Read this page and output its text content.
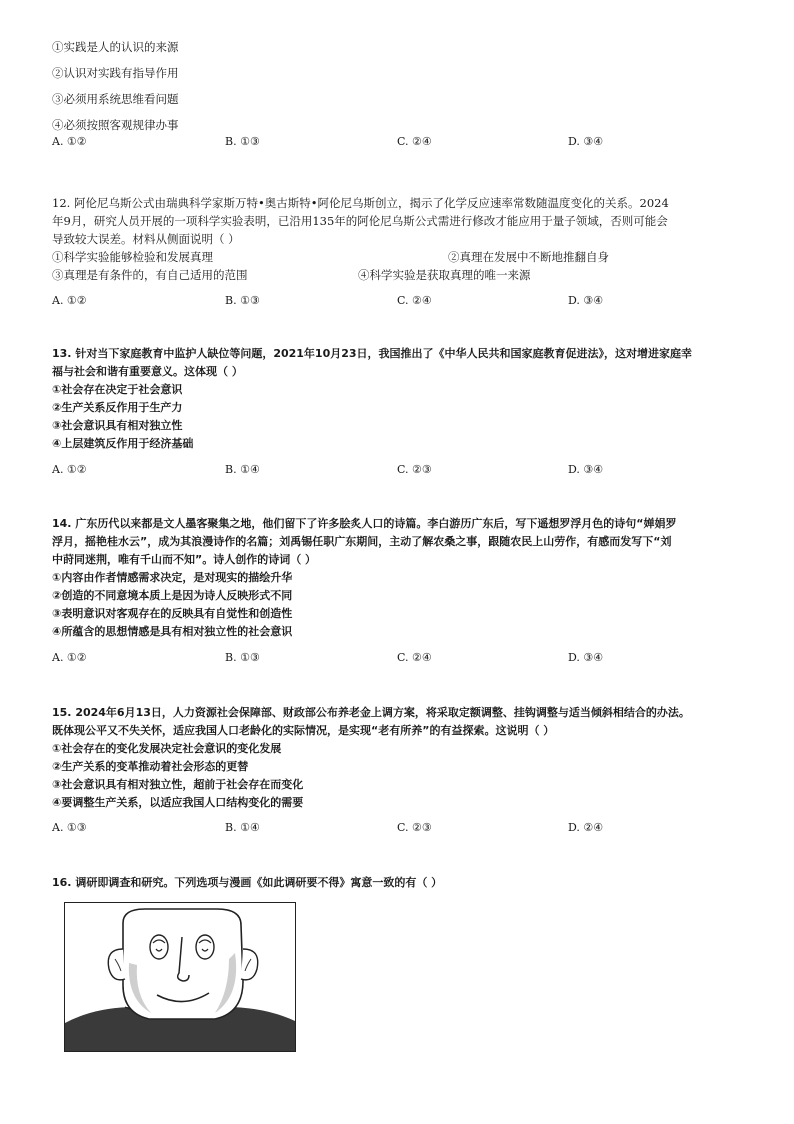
①实践是人的认识的来源
②认识对实践有指导作用
③必须用系统思维看问题
④必须按照客观规律办事
A. ①②	B. ①③	C. ②④	D. ③④
12. 阿伦尼乌斯公式由瑞典科学家斯万特•奥古斯特•阿伦尼乌斯创立，揭示了化学反应速率常数随温度变化的关系。2024
年9月，研究人员开展的一项科学实验表明，已沿用135年的阿伦尼乌斯公式需进行修改才能应用于量子领域，否则可能会
导致较大误差。材料从侧面说明（ ）
①科学实验能够检验和发展真理	②真理在发展中不断地推翻自身
③真理是有条件的，有自己适用的范围	④科学实验是获取真理的唯一来源
A. ①②	B. ①③	C. ②④	D. ③④
13. 针对当下家庭教育中监护人缺位等问题，2021年10月23日，我国推出了《中华人民共和国家庭教育促进法》，这对增进家庭幸
福与社会和谐有重要意义。这体现（ ）
①社会存在决定于社会意识
②生产关系反作用于生产力
③社会意识具有相对独立性
④上层建筑反作用于经济基础
A. ①②	B. ①④	C. ②③	D. ③④
14. 广东历代以来都是文人墨客聚集之地，他们留下了许多脍炙人口的诗篇。李白游历广东后，写下遥想罗浮月色的诗句“婵娟罗
浮月，摇艳桂水云”，成为其浪漫诗作的名篇；刘禹锡任职广东期间，主动了解农桑之事，跟随农民上山劳作，有感而发写下“刘
中莳同迷荆，唯有千山而不知”。诗人创作的诗词（ ）
①内容由作者情感需求决定，是对现实的描绘升华
②创造的不同意境本质上是因为诗人反映形式不同
③表明意识对客观存在的反映具有自觉性和创造性
④所蕴含的思想情感是具有相对独立性的社会意识
A. ①②	B. ①③	C. ②④	D. ③④
15. 2024年6月13日，人力资源社会保障部、财政部公布养老金上调方案，将采取定额调整、挂钩调整与适当倾斜相结合的办法。
既体现公平又不失关怀，适应我国人口老龄化的实际情况，是实现“老有所养”的有益探索。这说明（ ）
①社会存在的变化发展决定社会意识的变化发展
②生产关系的变革推动着社会形态的更替
③社会意识具有相对独立性，超前于社会存在而变化
④要调整生产关系，以适应我国人口结构变化的需要
A. ①③	B. ①④	C. ②③	D. ②④
16. 调研即调查和研究。下列选项与漫画《如此调研要不得》寓意一致的有（ ）
